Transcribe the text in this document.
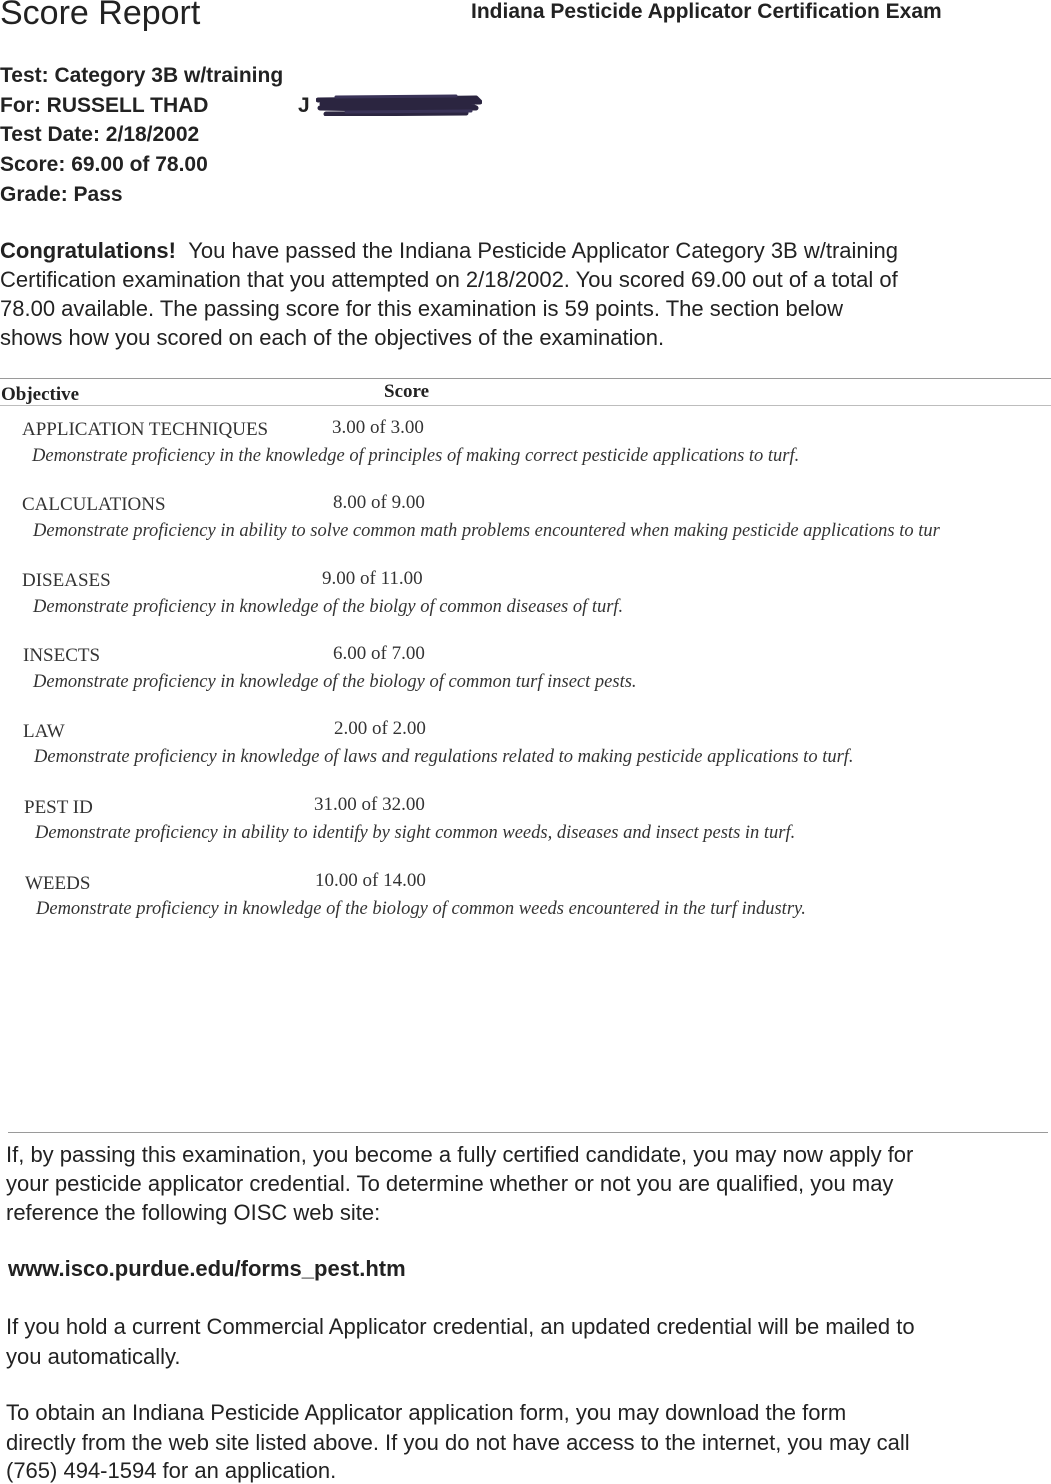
Score Report	Indiana Pesticide Applicator Certification Exam
Test: Category 3B w/training
For: RUSSELL THAD	J
Test Date: 2/18/2002
Score: 69.00 of 78.00
Grade: Pass
Congratulations! You have passed the Indiana Pesticide Applicator Category 3B w/training
Certification examination that you attempted on 2/18/2002. You scored 69.00 out of a total of
78.00 available. The passing score for this examination is 59 points. The section below
shows how you scored on each of the objectives of the examination.
Objective	Score
APPLICATION TECHNIQUES	3.00 of 3.00
Demonstrate proficiency in the knowledge of principles of making correct pesticide applications to turf.
CALCULATIONS	8.00 of 9.00
Demonstrate proficiency in ability to solve common math problems encountered when making pesticide applications to tur
DISEASES	9.00 of 11.00
Demonstrate proficiency in knowledge of the biolgy of common diseases of turf.
INSECTS	6.00 of 7.00
Demonstrate proficiency in knowledge of the biology of common turf insect pests.
LAW	2.00 of 2.00
Demonstrate proficiency in knowledge of laws and regulations related to making pesticide applications to turf.
PEST ID	31.00 of 32.00
Demonstrate proficiency in ability to identify by sight common weeds, diseases and insect pests in turf.
WEEDS	10.00 of 14.00
Demonstrate proficiency in knowledge of the biology of common weeds encountered in the turf industry.
If, by passing this examination, you become a fully certified candidate, you may now apply for
your pesticide applicator credential. To determine whether or not you are qualified, you may
reference the following OISC web site:
www.isco.purdue.edu/forms_pest.htm
If you hold a current Commercial Applicator credential, an updated credential will be mailed to
you automatically.
To obtain an Indiana Pesticide Applicator application form, you may download the form
directly from the web site listed above. If you do not have access to the internet, you may call
(765) 494-1594 for an application.
